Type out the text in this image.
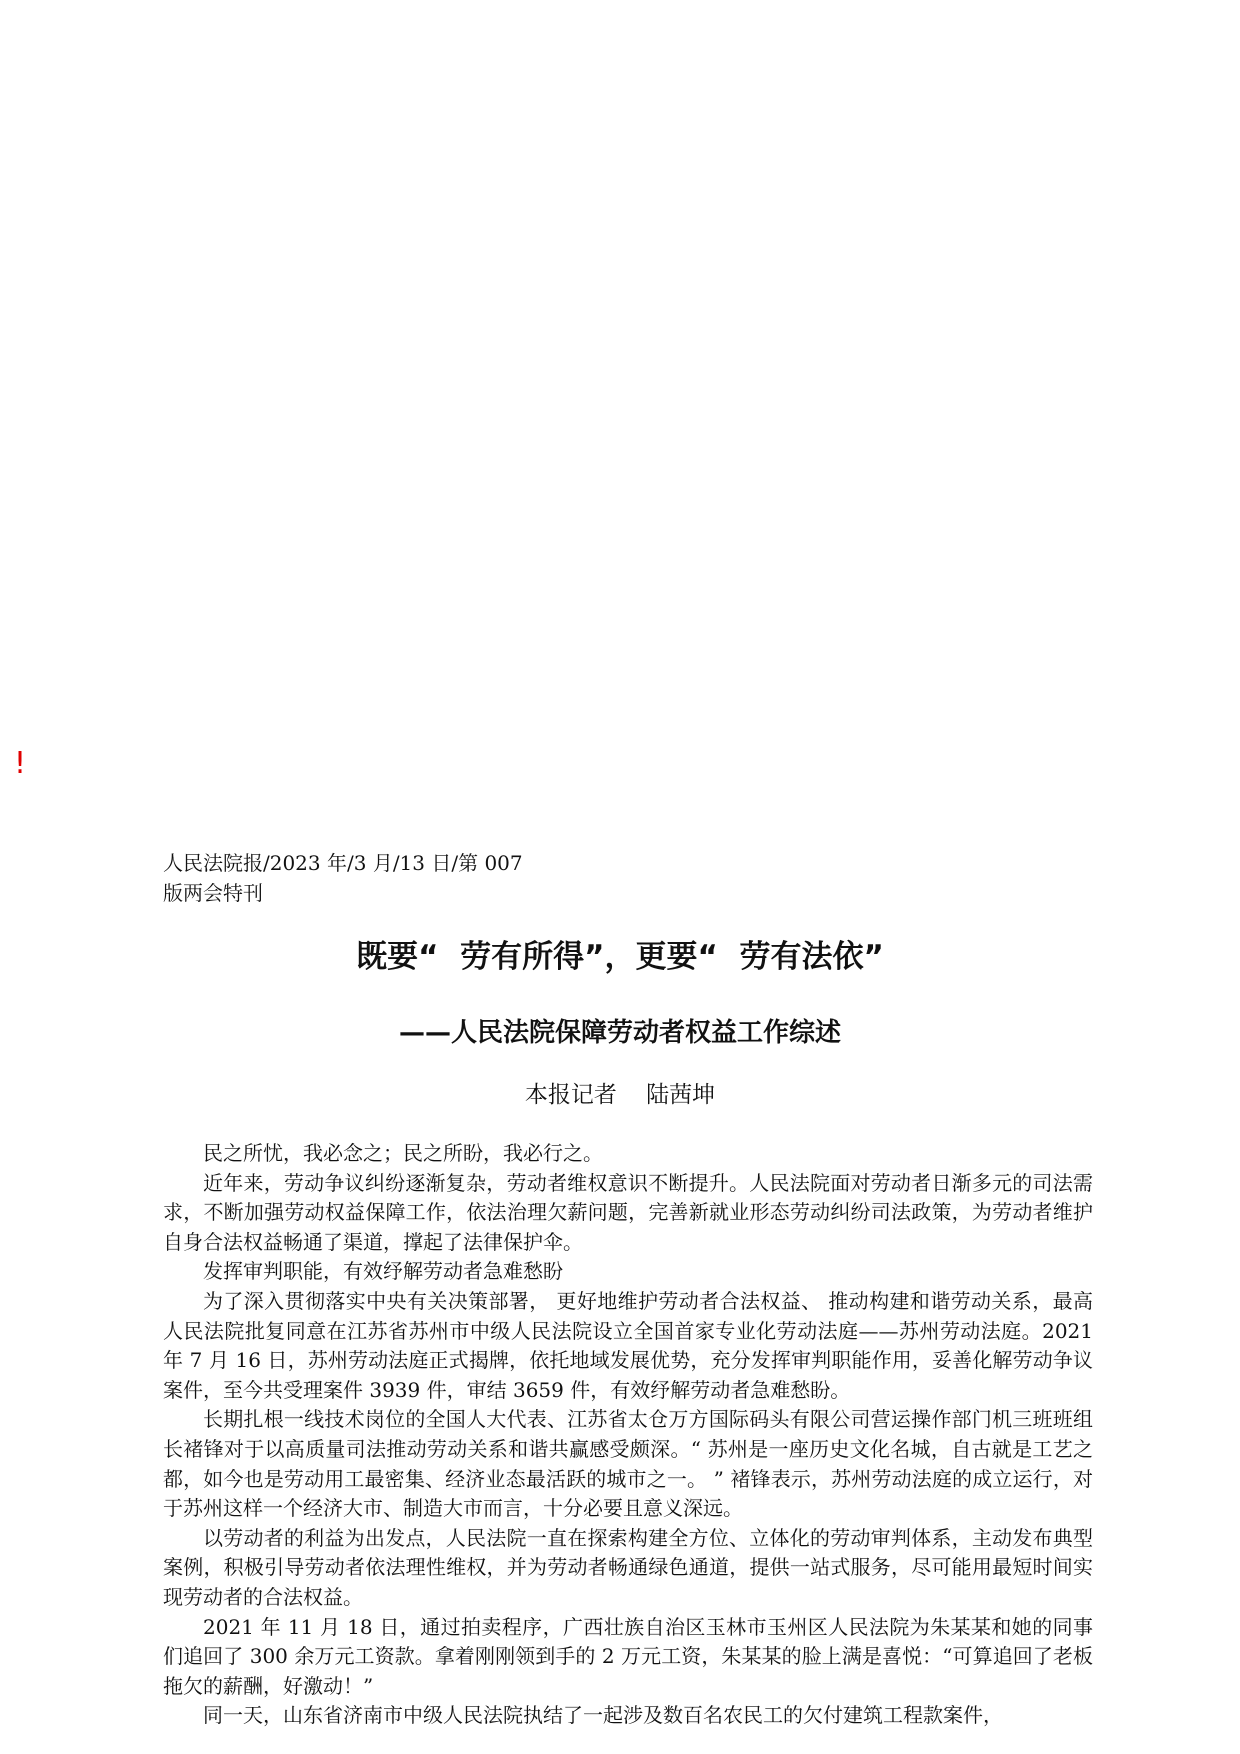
!
人民法院报/2023 年/3 月/13 日/第 007
版两会特刊
既要“  劳有所得”，更要“  劳有法依”
——人民法院保障劳动者权益工作综述
本报记者    陆茜坤

民之所忧，我必念之；民之所盼，我必行之。

近年来，劳动争议纠纷逐渐复杂，劳动者维权意识不断提升。人民法院面对劳动者日渐多元的司法需求，不断加强劳动权益保障工作，依法治理欠薪问题，完善新就业形态劳动纠纷司法政策，为劳动者维护自身合法权益畅通了渠道，撑起了法律保护伞。

发挥审判职能，有效纾解劳动者急难愁盼

为了深入贯彻落实中央有关决策部署， 更好地维护劳动者合法权益、 推动构建和谐劳动关系，最高人民法院批复同意在江苏省苏州市中级人民法院设立全国首家专业化劳动法庭——苏州劳动法庭。2021 年 7 月 16 日，苏州劳动法庭正式揭牌，依托地域发展优势，充分发挥审判职能作用，妥善化解劳动争议案件，至今共受理案件 3939 件，审结 3659 件，有效纾解劳动者急难愁盼。

长期扎根一线技术岗位的全国人大代表、江苏省太仓万方国际码头有限公司营运操作部门机三班班组长褚锋对于以高质量司法推动劳动关系和谐共赢感受颇深。“ 苏州是一座历史文化名城，自古就是工艺之都，如今也是劳动用工最密集、经济业态最活跃的城市之一。 ” 褚锋表示，苏州劳动法庭的成立运行，对于苏州这样一个经济大市、制造大市而言，十分必要且意义深远。

以劳动者的利益为出发点，人民法院一直在探索构建全方位、立体化的劳动审判体系，主动发布典型案例，积极引导劳动者依法理性维权，并为劳动者畅通绿色通道，提供一站式服务，尽可能用最短时间实现劳动者的合法权益。

2021 年 11 月 18 日，通过拍卖程序，广西壮族自治区玉林市玉州区人民法院为朱某某和她的同事们追回了 300 余万元工资款。拿着刚刚领到手的 2 万元工资，朱某某的脸上满是喜悦：“可算追回了老板拖欠的薪酬，好激动！”

同一天，山东省济南市中级人民法院执结了一起涉及数百名农民工的欠付建筑工程款案件，
